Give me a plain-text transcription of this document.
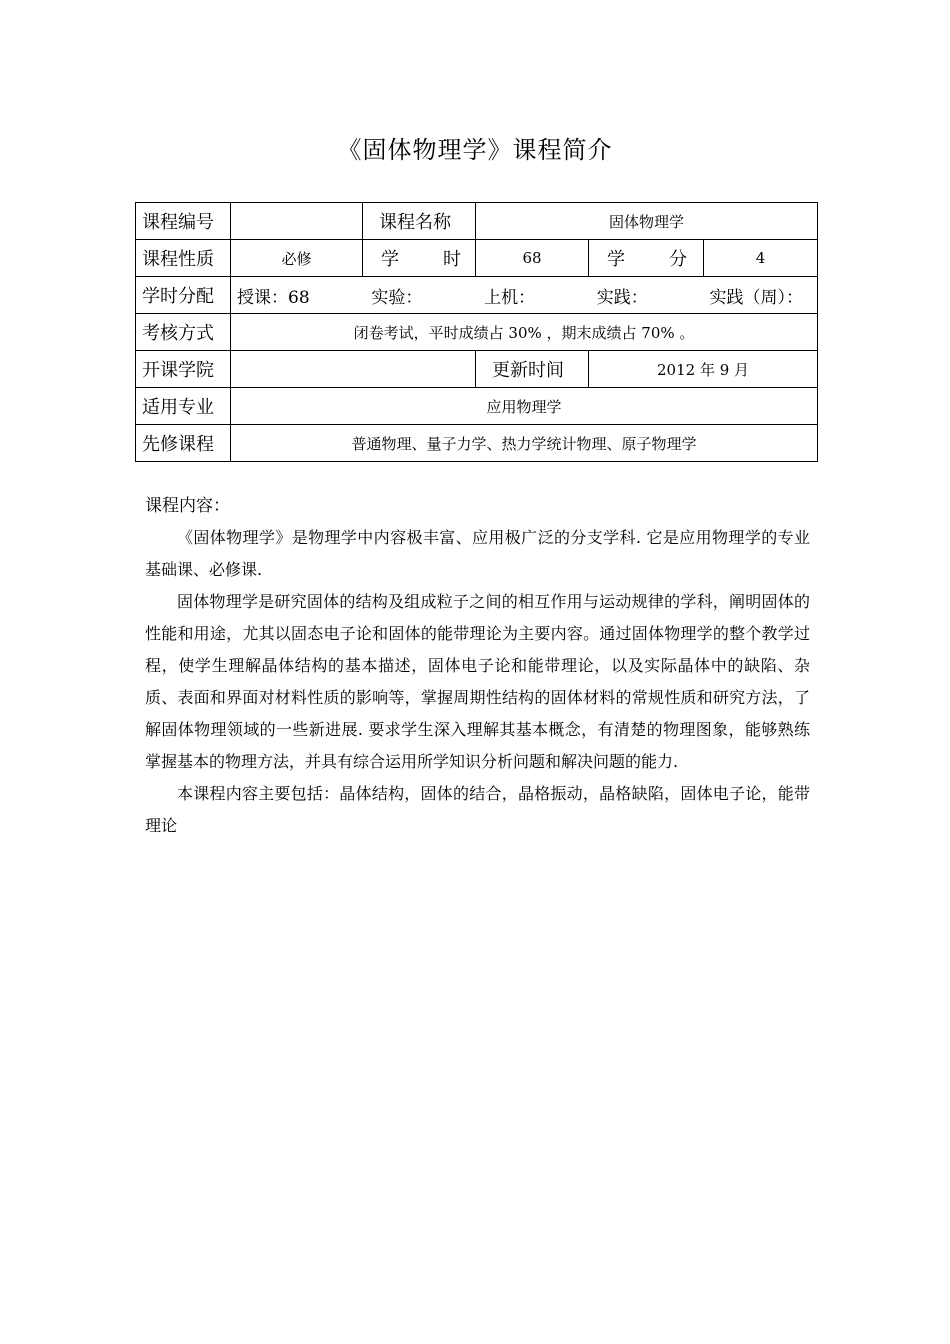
《固体物理学》课程简介
课程编号		课程名称	固体物理学		
课程性质	必修	学 时	68	学 分	4
学时分配	授课：68 实验： 上机： 实践： 实践（周）：				

考核方式	闭卷考试，平时成绩占 30% ，期末成绩占 70% 。				
开课学院			更新时间	2012 年 9 月	
适用专业	应用物理学				
先修课程	普通物理、量子力学、热力学统计物理、原子物理学				
课程内容：

《固体物理学》是物理学中内容极丰富、应用极广泛的分支学科. 它是应用物理学的专业基础课、必修课.

固体物理学是研究固体的结构及组成粒子之间的相互作用与运动规律的学科，阐明固体的性能和用途，尤其以固态电子论和固体的能带理论为主要内容。通过固体物理学的整个教学过程，使学生理解晶体结构的基本描述，固体电子论和能带理论，以及实际晶体中的缺陷、杂质、表面和界面对材料性质的影响等，掌握周期性结构的固体材料的常规性质和研究方法，了解固体物理领域的一些新进展. 要求学生深入理解其基本概念，有清楚的物理图象，能够熟练掌握基本的物理方法，并具有综合运用所学知识分析问题和解决问题的能力.

本课程内容主要包括：晶体结构，固体的结合，晶格振动，晶格缺陷，固体电子论，能带理论
